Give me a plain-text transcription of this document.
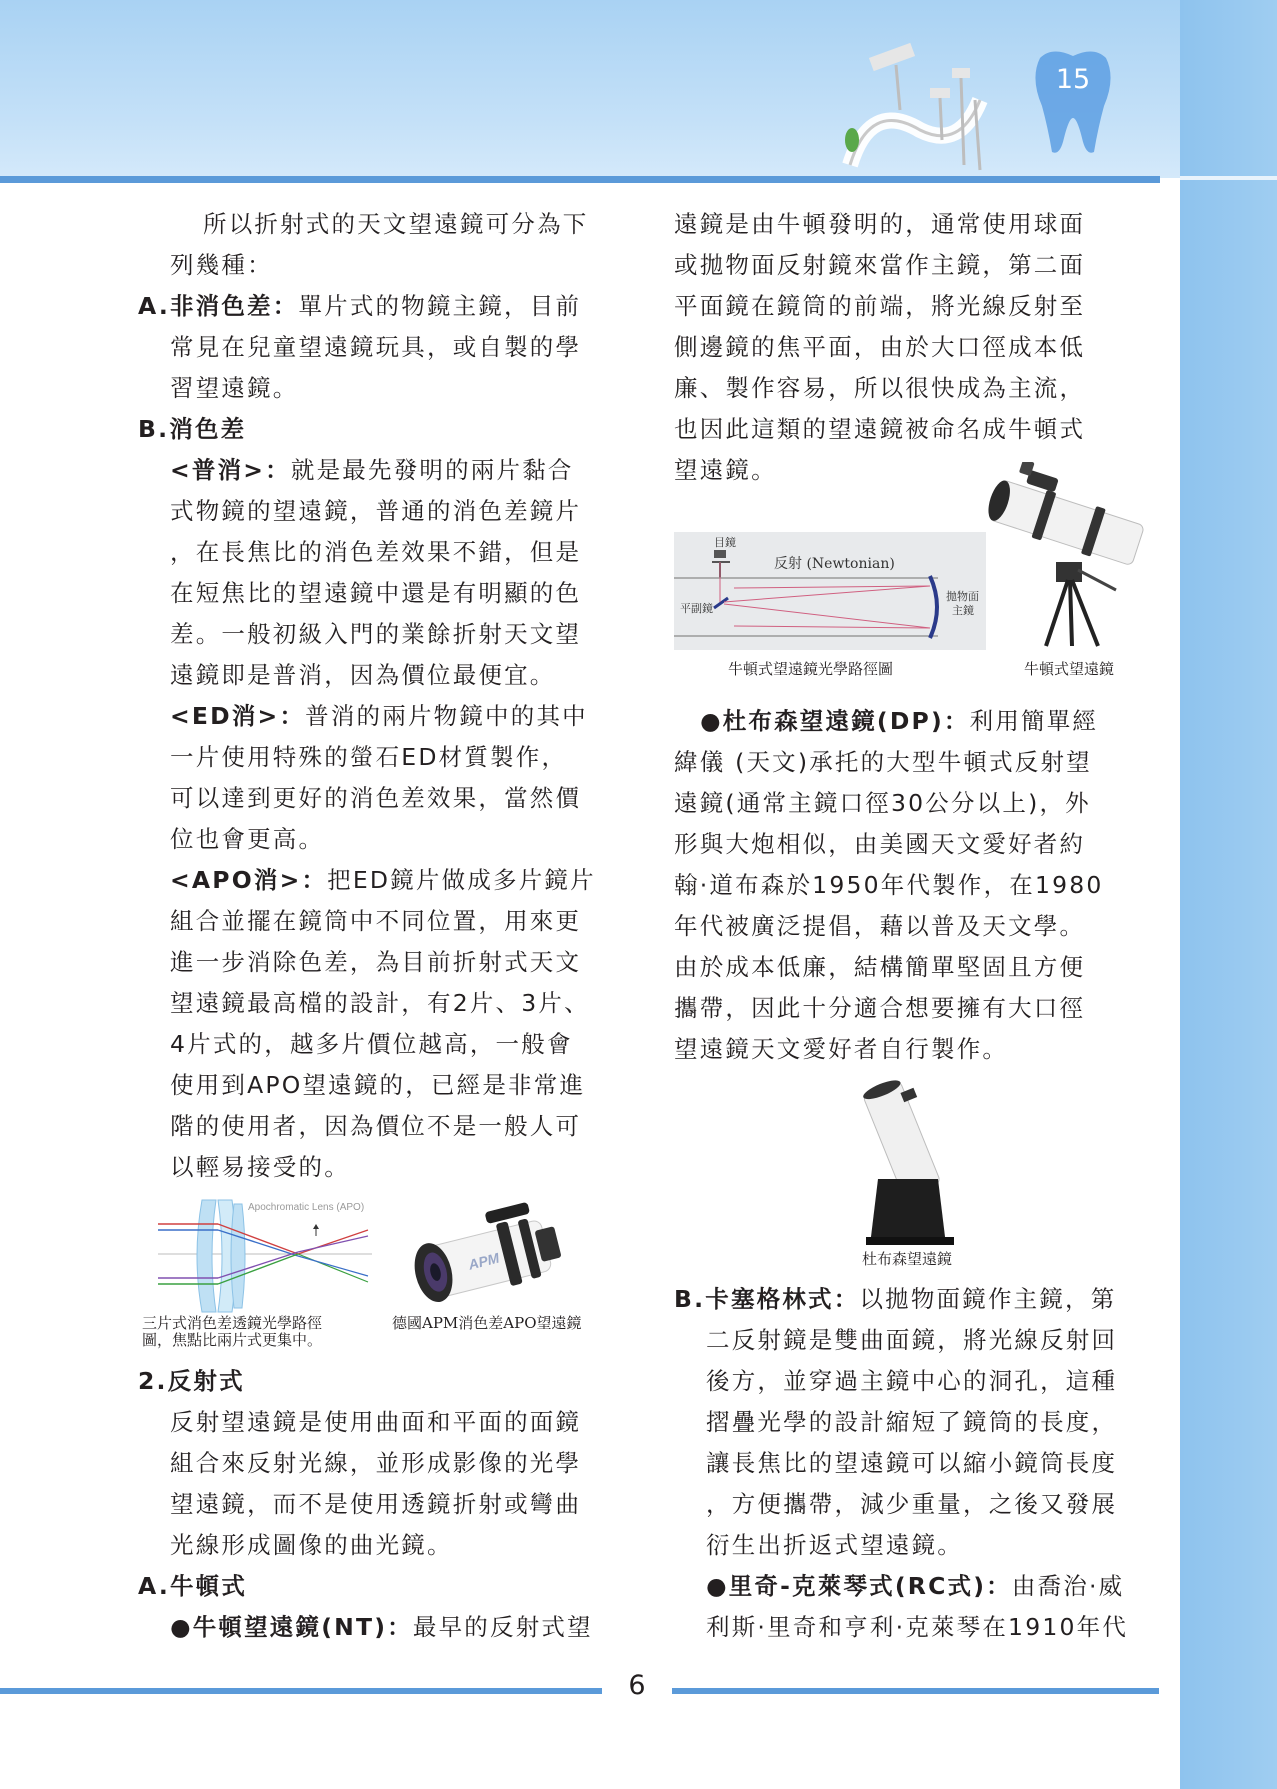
15
所以折射式的天文望遠鏡可分為下
列幾種：
A.非消色差：單片式的物鏡主鏡，目前
常見在兒童望遠鏡玩具，或自製的學
習望遠鏡。
B.消色差
<普消>：就是最先發明的兩片黏合
式物鏡的望遠鏡，普通的消色差鏡片
，在長焦比的消色差效果不錯，但是
在短焦比的望遠鏡中還是有明顯的色
差。一般初級入門的業餘折射天文望
遠鏡即是普消，因為價位最便宜。
<ED消>：普消的兩片物鏡中的其中
一片使用特殊的螢石ED材質製作，
可以達到更好的消色差效果，當然價
位也會更高。
<APO消>：把ED鏡片做成多片鏡片
組合並擺在鏡筒中不同位置，用來更
進一步消除色差，為目前折射式天文
望遠鏡最高檔的設計，有2片、3片、
4片式的，越多片價位越高，一般會
使用到APO望遠鏡的，已經是非常進
階的使用者，因為價位不是一般人可
以輕易接受的。
Apochromatic Lens (APO)
APM
三片式消色差透鏡光學路徑
圖，焦點比兩片式更集中。
德國APM消色差APO望遠鏡
2.反射式
反射望遠鏡是使用曲面和平面的面鏡
組合來反射光線，並形成影像的光學
望遠鏡，而不是使用透鏡折射或彎曲
光線形成圖像的曲光鏡。
A.牛頓式
●牛頓望遠鏡(NT)：最早的反射式望
遠鏡是由牛頓發明的，通常使用球面
或拋物面反射鏡來當作主鏡，第二面
平面鏡在鏡筒的前端，將光線反射至
側邊鏡的焦平面，由於大口徑成本低
廉、製作容易，所以很快成為主流，
也因此這類的望遠鏡被命名成牛頓式
望遠鏡。
目鏡
反射 (Newtonian)
平副鏡
拋物面
主鏡
牛頓式望遠鏡光學路徑圖	牛頓式望遠鏡
●杜布森望遠鏡(DP)：利用簡單經
緯儀 (天文)承托的大型牛頓式反射望
遠鏡(通常主鏡口徑30公分以上)，外
形與大炮相似，由美國天文愛好者約
翰·道布森於1950年代製作，在1980
年代被廣泛提倡，藉以普及天文學。
由於成本低廉，結構簡單堅固且方便
攜帶，因此十分適合想要擁有大口徑
望遠鏡天文愛好者自行製作。
杜布森望遠鏡
B.卡塞格林式：以拋物面鏡作主鏡，第
二反射鏡是雙曲面鏡，將光線反射回
後方，並穿過主鏡中心的洞孔，這種
摺疊光學的設計縮短了鏡筒的長度，
讓長焦比的望遠鏡可以縮小鏡筒長度
，方便攜帶，減少重量，之後又發展
衍生出折返式望遠鏡。
●里奇-克萊琴式(RC式)：由喬治·威
利斯·里奇和亨利·克萊琴在1910年代
6
